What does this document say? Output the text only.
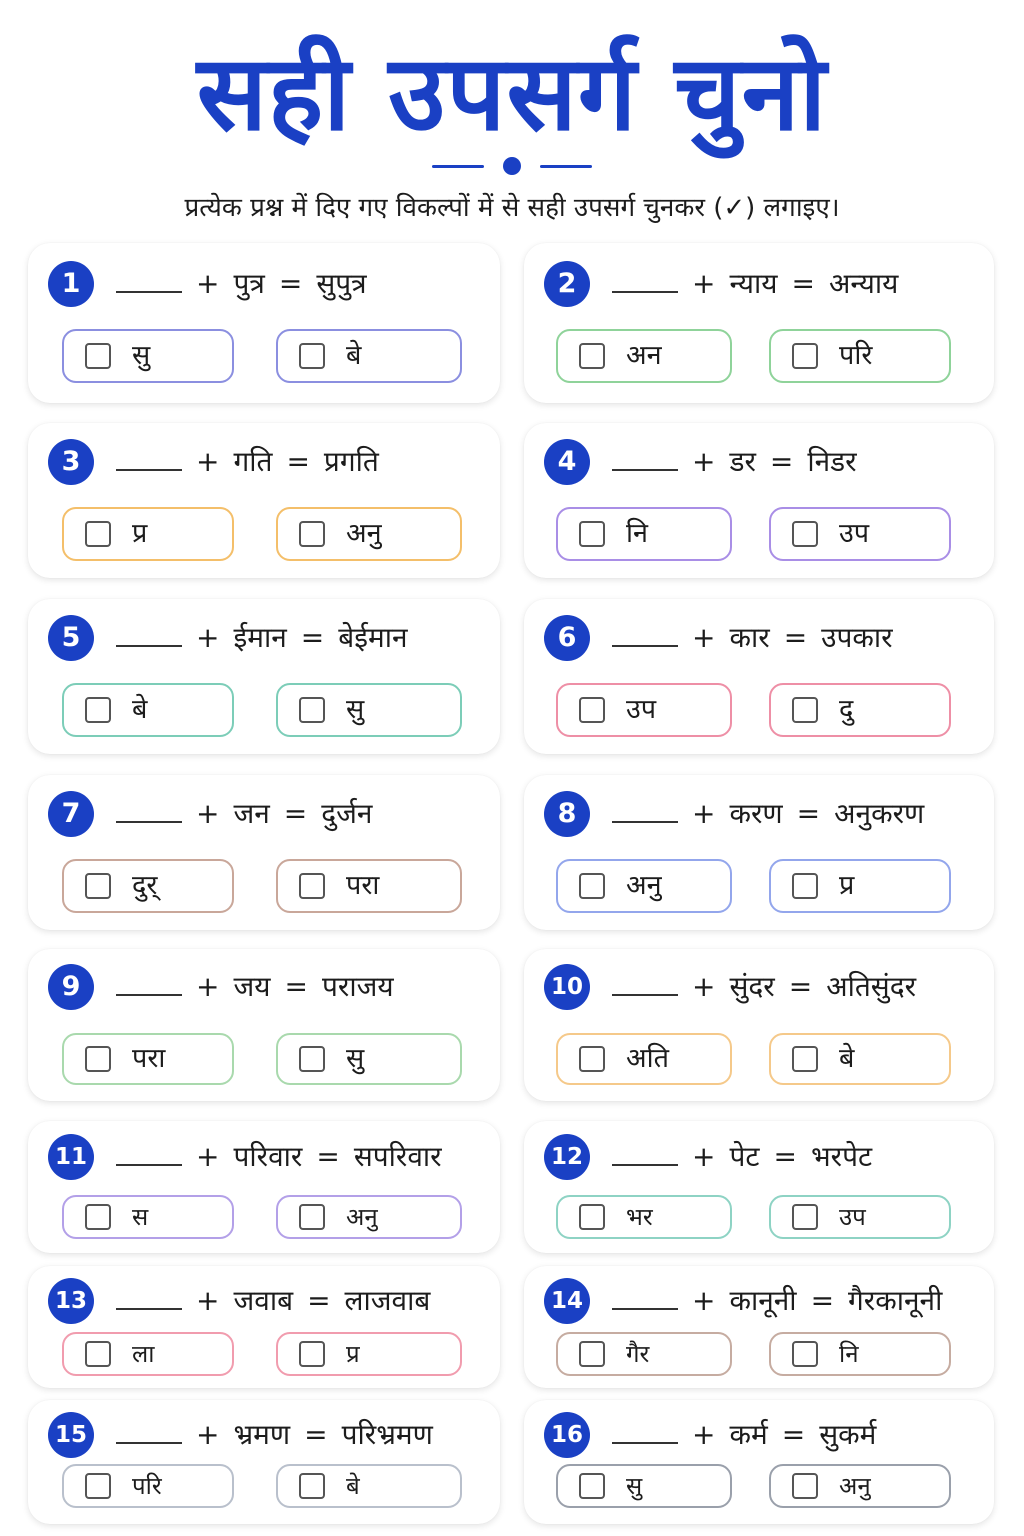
सही उपसर्ग चुनो
प्रत्येक प्रश्न में दिए गए विकल्पों में से सही उपसर्ग चुनकर (✓) लगाइए।
1	+ पुत्र = सुपुत्र
सु	बे
2	+ न्याय = अन्याय
अन	परि
3	+ गति = प्रगति
प्र	अनु
4	+ डर = निडर
नि	उप
5	+ ईमान = बेईमान
बे	सु
6	+ कार = उपकार
उप	दु
7	+ जन = दुर्जन
दुर्	परा
8	+ करण = अनुकरण
अनु	प्र
9	+ जय = पराजय
परा	सु
10	+ सुंदर = अतिसुंदर
अति	बे
11	+ परिवार = सपरिवार
स	अनु
12	+ पेट = भरपेट
भर	उप
13	+ जवाब = लाजवाब
ला	प्र
14	+ कानूनी = गैरकानूनी
गैर	नि
15	+ भ्रमण = परिभ्रमण
परि	बे
16	+ कर्म = सुकर्म
सु	अनु
